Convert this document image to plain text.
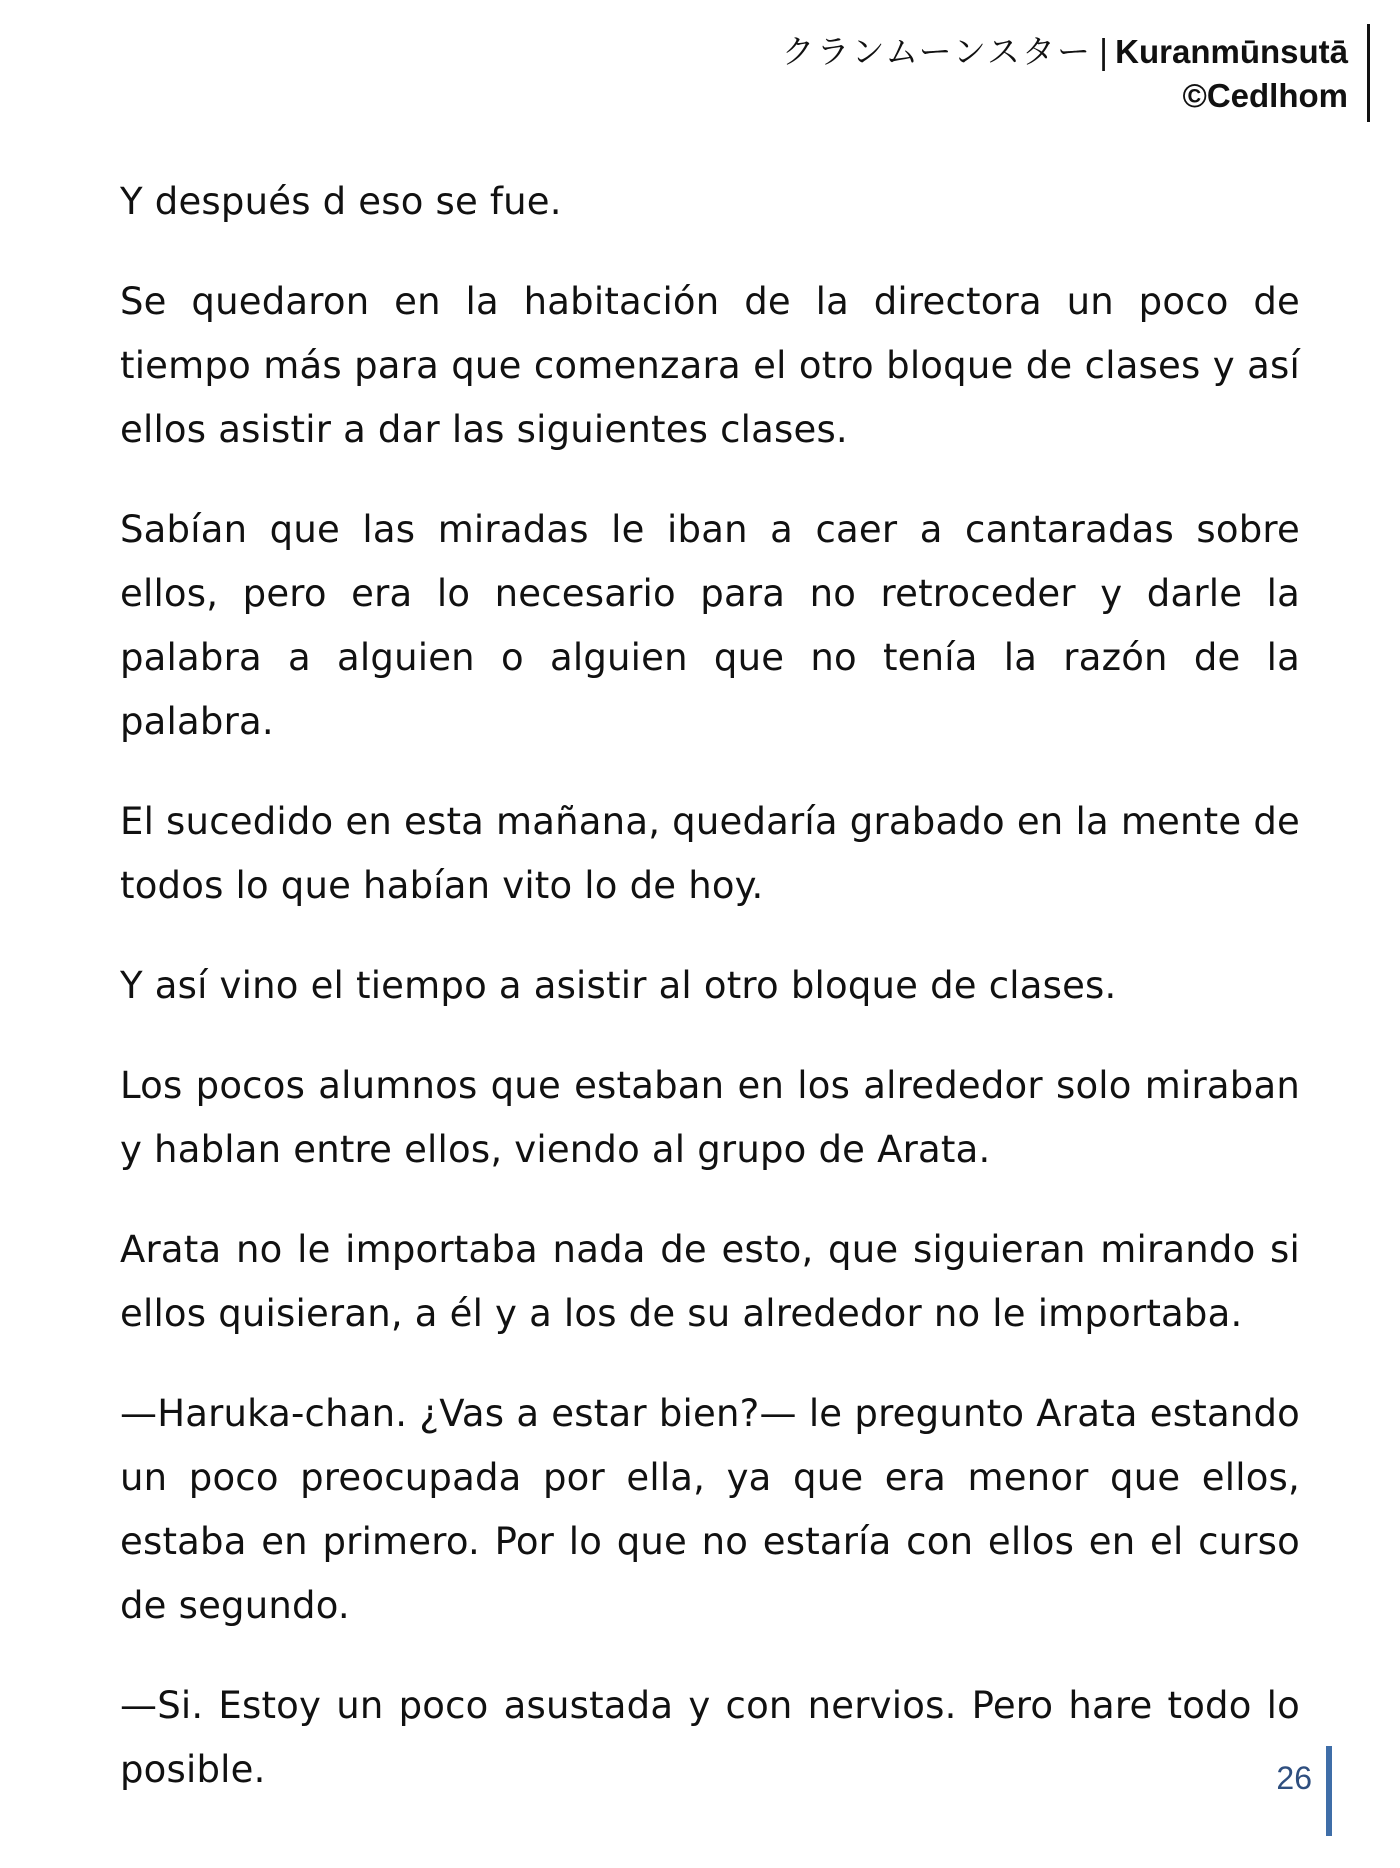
クランムーンスター | Kuranmūnsutā
©Cedlhom

Y después d eso se fue.

Se quedaron en la habitación de la directora un poco de tiempo más para que comenzara el otro bloque de clases y así ellos asistir a dar las siguientes clases.

Sabían que las miradas le iban a caer a cantaradas sobre ellos, pero era lo necesario para no retroceder y darle la palabra a alguien o alguien que no tenía la razón de la palabra.

El sucedido en esta mañana, quedaría grabado en la mente de todos lo que habían vito lo de hoy.

Y así vino el tiempo a asistir al otro bloque de clases.

Los pocos alumnos que estaban en los alrededor solo miraban y hablan entre ellos, viendo al grupo de Arata.

Arata no le importaba nada de esto, que siguieran mirando si ellos quisieran, a él y a los de su alrededor no le importaba.

—Haruka-chan. ¿Vas a estar bien?— le pregunto Arata estando un poco preocupada por ella, ya que era menor que ellos, estaba en primero. Por lo que no estaría con ellos en el curso de segundo.

—Si. Estoy un poco asustada y con nervios. Pero hare todo lo posible.	26
